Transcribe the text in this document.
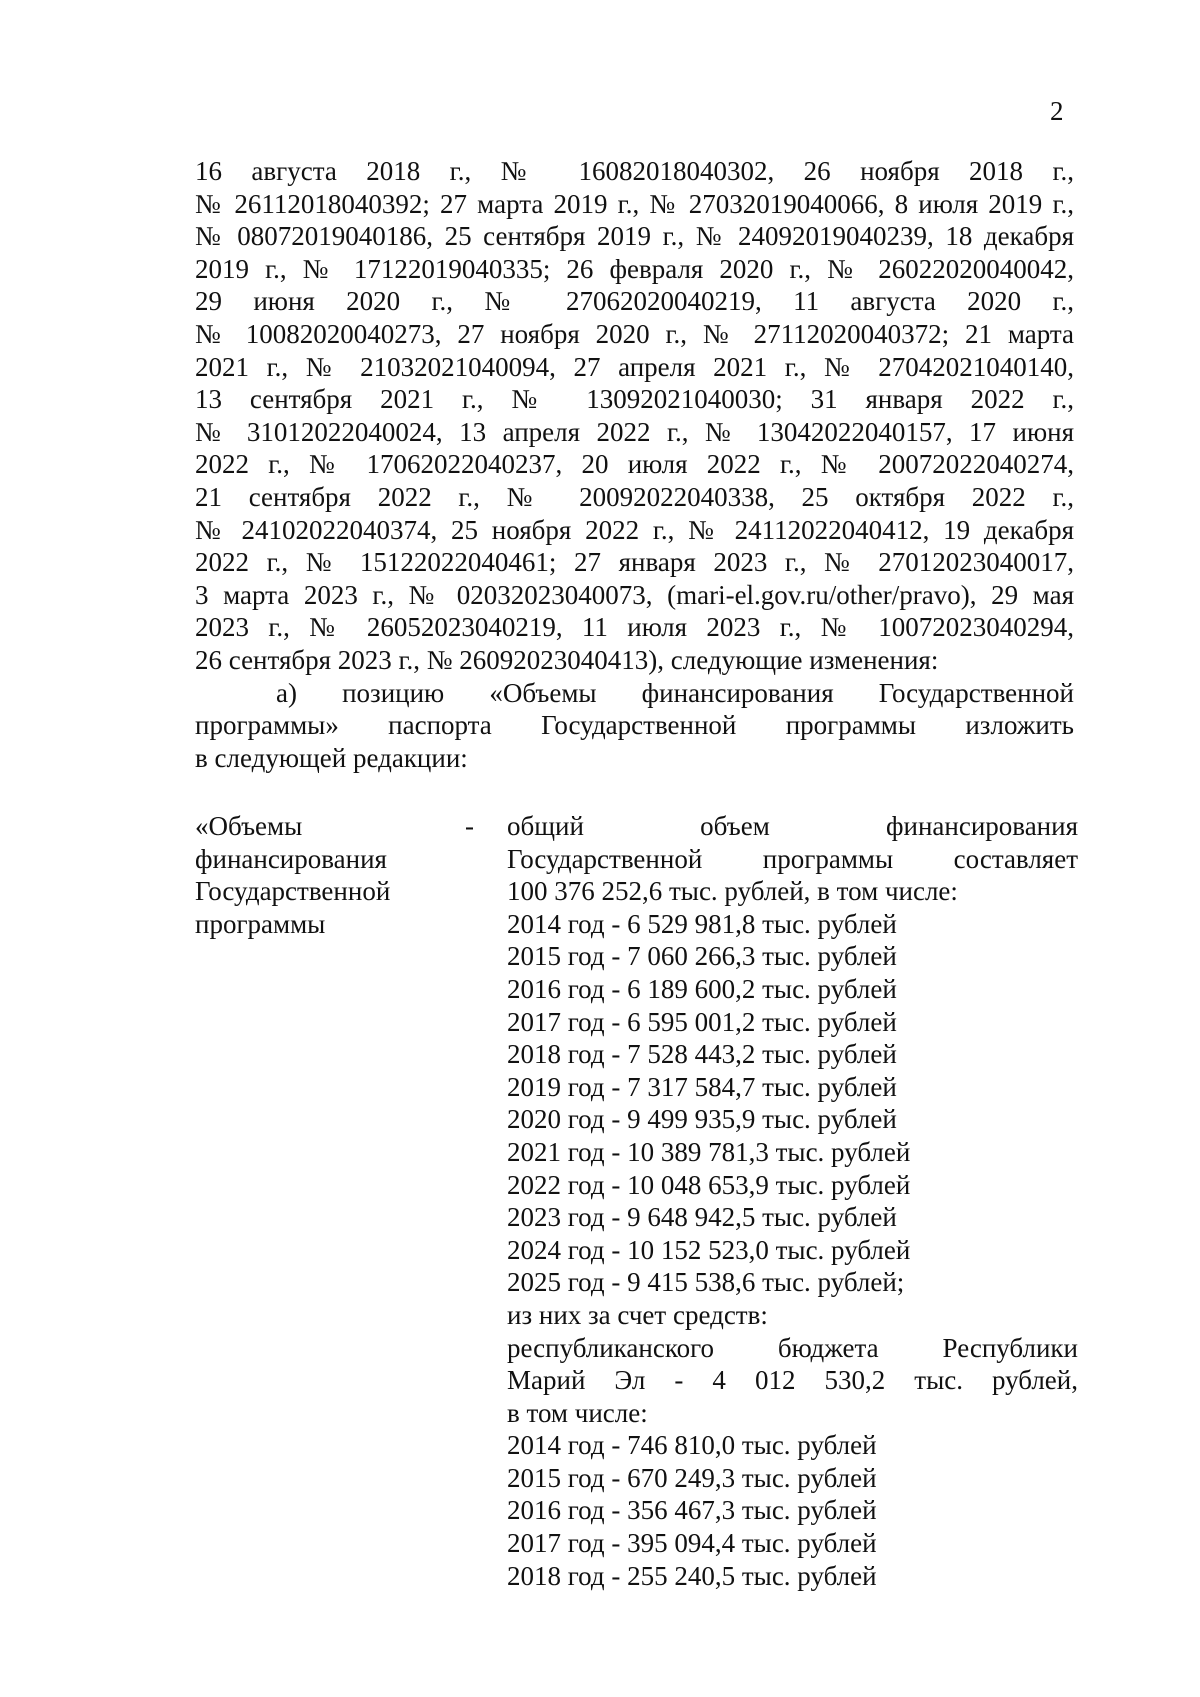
2
16 августа 2018 г., № 16082018040302, 26 ноября 2018 г.,
№ 26112018040392; 27 марта 2019 г., № 27032019040066, 8 июля 2019 г.,
№ 08072019040186, 25 сентября 2019 г., № 24092019040239, 18 декабря
2019 г., № 17122019040335; 26 февраля 2020 г., № 26022020040042,
29 июня 2020 г., № 27062020040219, 11 августа 2020 г.,
№ 10082020040273, 27 ноября 2020 г., № 27112020040372; 21 марта
2021 г., № 21032021040094, 27 апреля 2021 г., № 27042021040140,
13 сентября 2021 г., № 13092021040030; 31 января 2022 г.,
№ 31012022040024, 13 апреля 2022 г., № 13042022040157, 17 июня
2022 г., № 17062022040237, 20 июля 2022 г., № 20072022040274,
21 сентября 2022 г., № 20092022040338, 25 октября 2022 г.,
№ 24102022040374, 25 ноября 2022 г., № 24112022040412, 19 декабря
2022 г., № 15122022040461; 27 января 2023 г., № 27012023040017,
3 марта 2023 г., № 02032023040073, (mari-el.gov.ru/other/pravo), 29 мая
2023 г., № 26052023040219, 11 июля 2023 г., № 10072023040294,
26 сентября 2023 г., № 26092023040413), следующие изменения:
а) позицию «Объемы финансирования Государственной
программы» паспорта Государственной программы изложить
в следующей редакции:
«Объемы
финансирования
Государственной
программы
- общий объем финансирования
Государственной программы составляет
100 376 252,6 тыс. рублей, в том числе:
2014 год - 6 529 981,8 тыс. рублей
2015 год - 7 060 266,3 тыс. рублей
2016 год - 6 189 600,2 тыс. рублей
2017 год - 6 595 001,2 тыс. рублей
2018 год - 7 528 443,2 тыс. рублей
2019 год - 7 317 584,7 тыс. рублей
2020 год - 9 499 935,9 тыс. рублей
2021 год - 10 389 781,3 тыс. рублей
2022 год - 10 048 653,9 тыс. рублей
2023 год - 9 648 942,5 тыс. рублей
2024 год - 10 152 523,0 тыс. рублей
2025 год - 9 415 538,6 тыс. рублей;
из них за счет средств:
республиканского бюджета Республики
Марий Эл - 4 012 530,2 тыс. рублей,
в том числе:
2014 год - 746 810,0 тыс. рублей
2015 год - 670 249,3 тыс. рублей
2016 год - 356 467,3 тыс. рублей
2017 год - 395 094,4 тыс. рублей
2018 год - 255 240,5 тыс. рублей
